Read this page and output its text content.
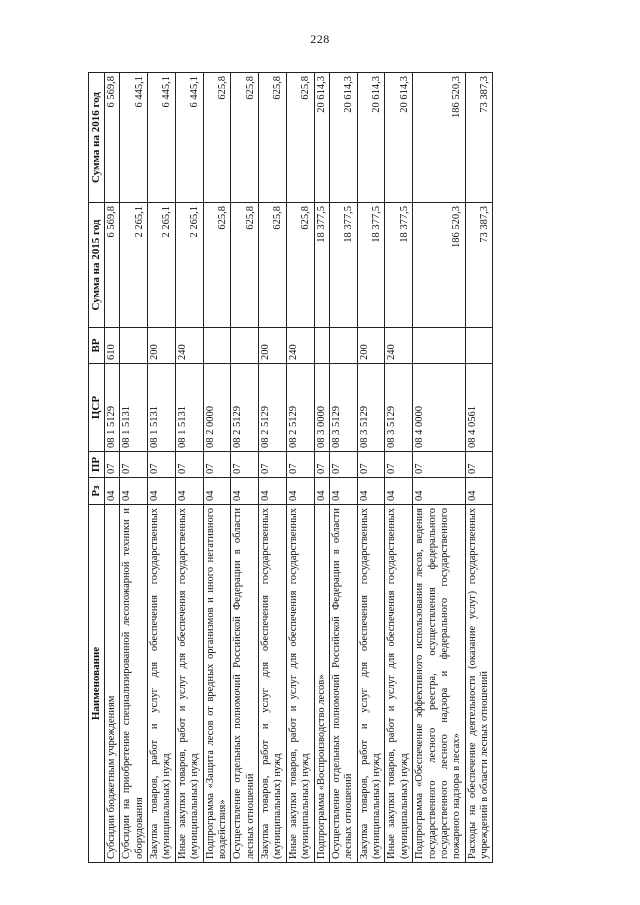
228
Наименование	Рз	ПР	ЦСР	ВР	Сумма на 2015 год	Сумма на 2016 год
Субсидии бюджетным учреждениям	04	07	08 1 5129	610	6 569,8	6 569,8
Субсидии на приобретение специализированной лесопожарной техники и оборудования	04	07	08 1 5131		2 265,1	6 445,1
Закупка товаров, работ и услуг для обеспечения государственных (муниципальных) нужд	04	07	08 1 5131	200	2 265,1	6 445,1
Иные закупки товаров, работ и услуг для обеспечения государственных (муниципальных) нужд	04	07	08 1 5131	240	2 265,1	6 445,1
Подпрограмма «Защита лесов от вредных организмов и иного негативного воздействия»	04	07	08 2 0000		625,8	625,8
Осуществление отдельных полномочий Российской Федерации в области лесных отношений	04	07	08 2 5129		625,8	625,8
Закупка товаров, работ и услуг для обеспечения государственных (муниципальных) нужд	04	07	08 2 5129	200	625,8	625,8
Иные закупки товаров, работ и услуг для обеспечения государственных (муниципальных) нужд	04	07	08 2 5129	240	625,8	625,8
Подпрограмма «Воспроизводство лесов»	04	07	08 3 0000		18 377,5	20 614,3
Осуществление отдельных полномочий Российской Федерации в области лесных отношений	04	07	08 3 5129		18 377,5	20 614,3
Закупка товаров, работ и услуг для обеспечения государственных (муниципальных) нужд	04	07	08 3 5129	200	18 377,5	20 614,3
Иные закупки товаров, работ и услуг для обеспечения государственных (муниципальных) нужд	04	07	08 3 5129	240	18 377,5	20 614,3
Подпрограмма «Обеспечение эффективного использования лесов, ведения государственного лесного реестра, осуществления федерального государственного лесного надзора и федерального государственного пожарного надзора в лесах»	04	07	08 4 0000		186 520,3	186 520,3
Расходы на обеспечение деятельности (оказание услуг) государственных учреждений в области лесных отношений	04	07	08 4 0561		73 387,3	73 387,3
